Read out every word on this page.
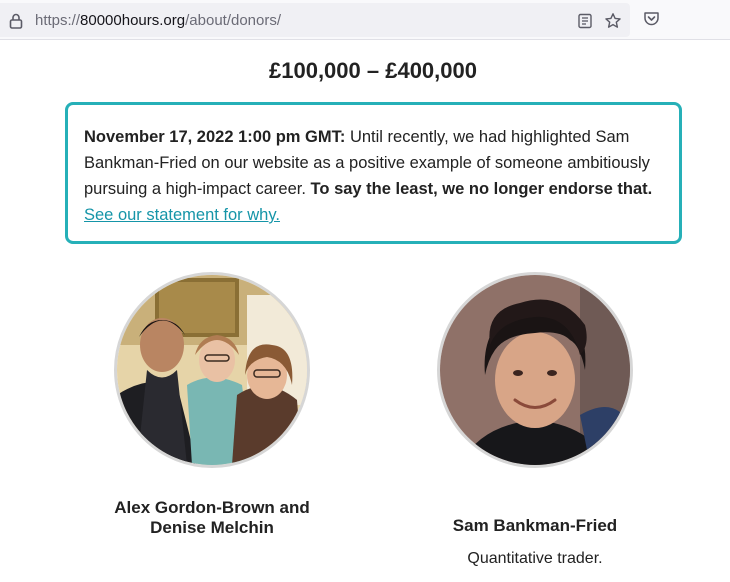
https://80000hours.org/about/donors/
£100,000 – £400,000

November 17, 2022 1:00 pm GMT: Until recently, we had highlighted Sam Bankman-Fried on our website as a positive example of someone ambitiously pursuing a high-impact career. To say the least, we no longer endorse that. See our statement for why.

Alex Gordon-Brown and Denise Melchin	Sam Bankman-Fried

Quantitative trader.
